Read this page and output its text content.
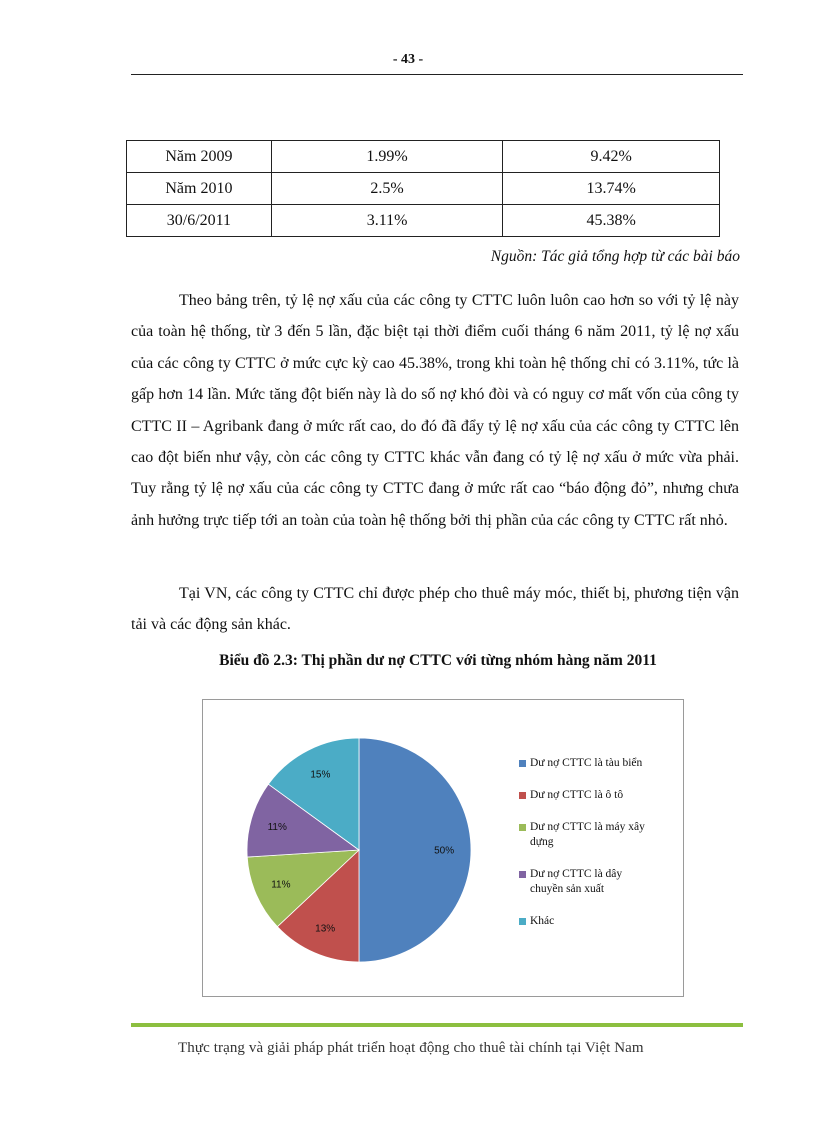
- 43 -
Năm 2009	1.99%	9.42%
Năm 2010	2.5%	13.74%
30/6/2011	3.11%	45.38%
Nguồn: Tác giả tổng hợp từ các bài báo

Theo bảng trên, tỷ lệ nợ xấu của các công ty CTTC luôn luôn cao hơn so với tỷ lệ này của toàn hệ thống, từ 3 đến 5 lần, đặc biệt tại thời điểm cuối tháng 6 năm 2011, tỷ lệ nợ xấu của các công ty CTTC ở mức cực kỳ cao 45.38%, trong khi toàn hệ thống chỉ có 3.11%, tức là gấp hơn 14 lần. Mức tăng đột biến này là do số nợ khó đòi và có nguy cơ mất vốn của công ty CTTC II – Agribank đang ở mức rất cao, do đó đã đẩy tỷ lệ nợ xấu của các công ty CTTC lên cao đột biến như vậy, còn các công ty CTTC khác vẫn đang có tỷ lệ nợ xấu ở mức vừa phải. Tuy rằng tỷ lệ nợ xấu của các công ty CTTC đang ở mức rất cao “báo động đỏ”, nhưng chưa ảnh hưởng trực tiếp tới an toàn của toàn hệ thống bởi thị phần của các công ty CTTC rất nhỏ.

Tại VN, các công ty CTTC chỉ được phép cho thuê máy móc, thiết bị, phương tiện vận tải và các động sản khác.

Biểu đồ 2.3: Thị phần dư nợ CTTC với từng nhóm hàng năm 2011
50%
13%
11%
11%
15%
Dư nợ CTTC là tàu biển
Dư nợ CTTC là ô tô
Dư nợ CTTC là máy xây
dựng
Dư nợ CTTC là dây
chuyền sản xuất
Khác
Thực trạng và giải pháp phát triển hoạt động cho thuê tài chính tại Việt Nam
